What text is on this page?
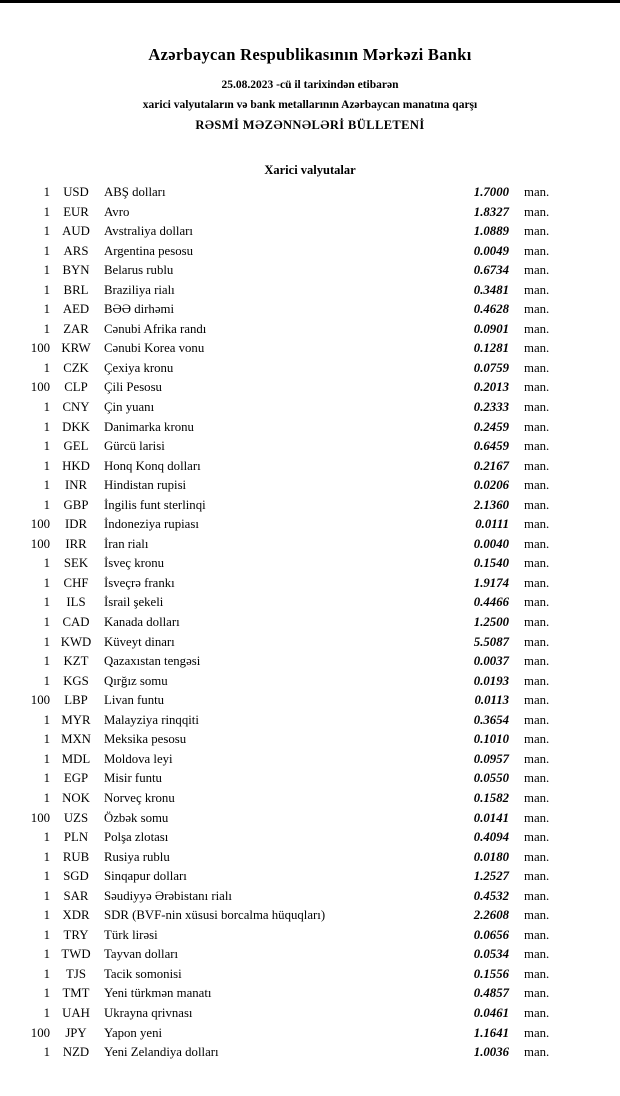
Azərbaycan Respublikasının Mərkəzi Bankı

25.08.2023 -cü il tarixindən etibarən

xarici valyutaların və bank metallarının Azərbaycan manatına qarşı

RƏSMİ MƏZƏNNƏLƏRİ BÜLLETENİ

Xarici valyutalar
1	USD	ABŞ dolları	1.7000	man.
1	EUR	Avro	1.8327	man.
1 AUD	Avstraliya dolları	1.0889	man.
1	ARS	Argentina pesosu	0.0049	man.
1 BYN	Belarus rublu	0.6734	man.
1	BRL	Braziliya rialı	0.3481	man.
1	AED	BƏƏ dirhəmi	0.4628	man.
1	ZAR	Cənubi Afrika randı	0.0901	man.
100 KRW	Cənubi Korea vonu	0.1281	man.
1	CZK	Çexiya kronu	0.0759	man.
100	CLP	Çili Pesosu	0.2013	man.
1 CNY	Çin yuanı	0.2333	man.
1 DKK	Danimarka kronu	0.2459	man.
1	GEL	Gürcü larisi	0.6459	man.
1 HKD	Honq Konq dolları	0.2167	man.
1	INR	Hindistan rupisi	0.0206	man.
1	GBP	İngilis funt sterlinqi	2.1360	man.
100	IDR	İndoneziya rupiası	0.0111	man.
100	IRR	İran rialı	0.0040	man.
1	SEK	İsveç kronu	0.1540	man.
1	CHF	İsveçrə frankı	1.9174	man.
1	ILS	İsrail şekeli	0.4466	man.
1 CAD	Kanada dolları	1.2500	man.
1 KWD Küveyt dinarı	5.5087	man.
1	KZT	Qazaxıstan tengəsi	0.0037	man.
1	KGS	Qırğız somu	0.0193	man.
100	LBP	Livan funtu	0.0113	man.
1 MYR	Malayziya rinqqiti	0.3654	man.
1 MXN	Meksika pesosu	0.1010	man.
1 MDL	Moldova leyi	0.0957	man.
1	EGP	Misir funtu	0.0550	man.
1 NOK	Norveç kronu	0.1582	man.
100	UZS	Özbək somu	0.0141	man.
1	PLN	Polşa zlotası	0.4094	man.
1	RUB	Rusiya rublu	0.0180	man.
1	SGD	Sinqapur dolları	1.2527	man.
1	SAR	Səudiyyə Ərəbistanı rialı	0.4532	man.
1 XDR	SDR (BVF-nin xüsusi borcalma hüquqları)	2.2608	man.
1	TRY	Türk lirəsi	0.0656	man.
1 TWD	Tayvan dolları	0.0534	man.
1	TJS	Tacik somonisi	0.1556	man.
1 TMT	Yeni türkmən manatı	0.4857	man.
1 UAH	Ukrayna qrivnası	0.0461	man.
100	JPY	Yapon yeni	1.1641	man.
1	NZD	Yeni Zelandiya dolları	1.0036	man.
